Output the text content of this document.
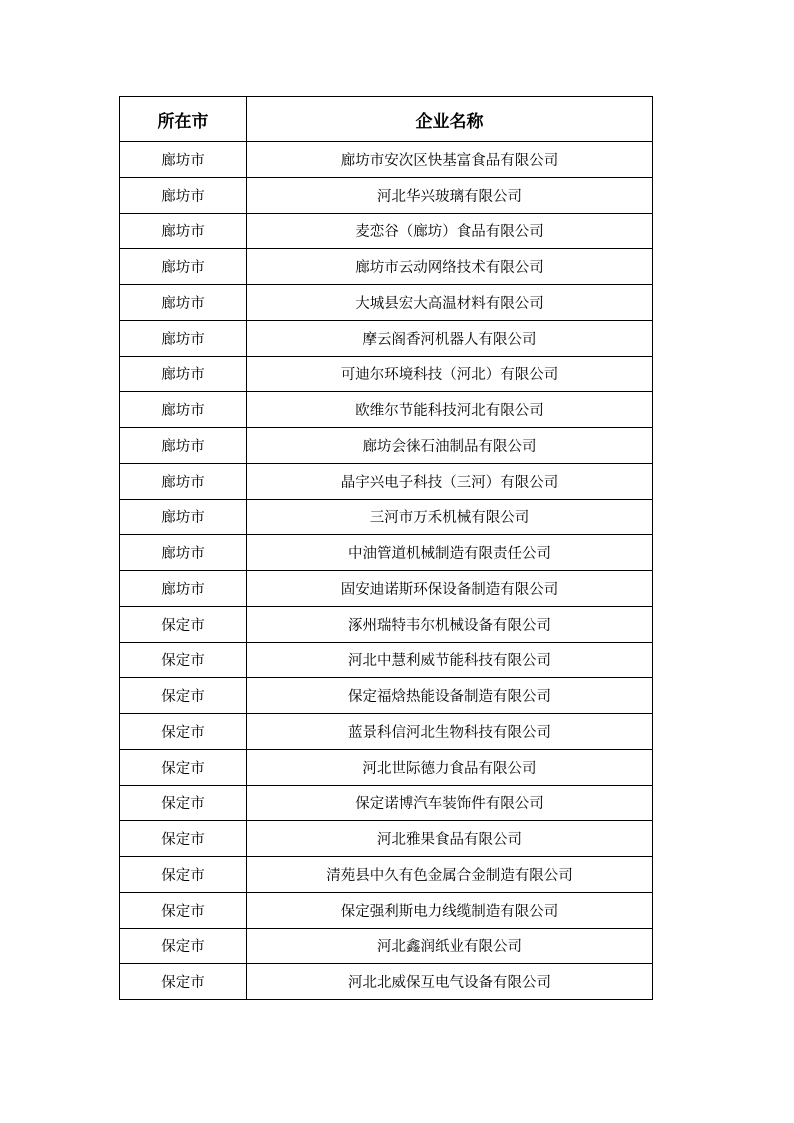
所在市	企业名称
廊坊市	廊坊市安次区快基富食品有限公司
廊坊市	河北华兴玻璃有限公司
廊坊市	麦恋谷（廊坊）食品有限公司
廊坊市	廊坊市云动网络技术有限公司
廊坊市	大城县宏大高温材料有限公司
廊坊市	摩云阁香河机器人有限公司
廊坊市	可迪尔环境科技（河北）有限公司
廊坊市	欧维尔节能科技河北有限公司
廊坊市	廊坊会徕石油制品有限公司
廊坊市	晶宇兴电子科技（三河）有限公司
廊坊市	三河市万禾机械有限公司
廊坊市	中油管道机械制造有限责任公司
廊坊市	固安迪诺斯环保设备制造有限公司
保定市	涿州瑞特韦尔机械设备有限公司
保定市	河北中慧利威节能科技有限公司
保定市	保定福焓热能设备制造有限公司
保定市	蓝景科信河北生物科技有限公司
保定市	河北世际德力食品有限公司
保定市	保定诺博汽车装饰件有限公司
保定市	河北雅果食品有限公司
保定市	清苑县中久有色金属合金制造有限公司
保定市	保定强利斯电力线缆制造有限公司
保定市	河北鑫润纸业有限公司
保定市	河北北威保互电气设备有限公司
